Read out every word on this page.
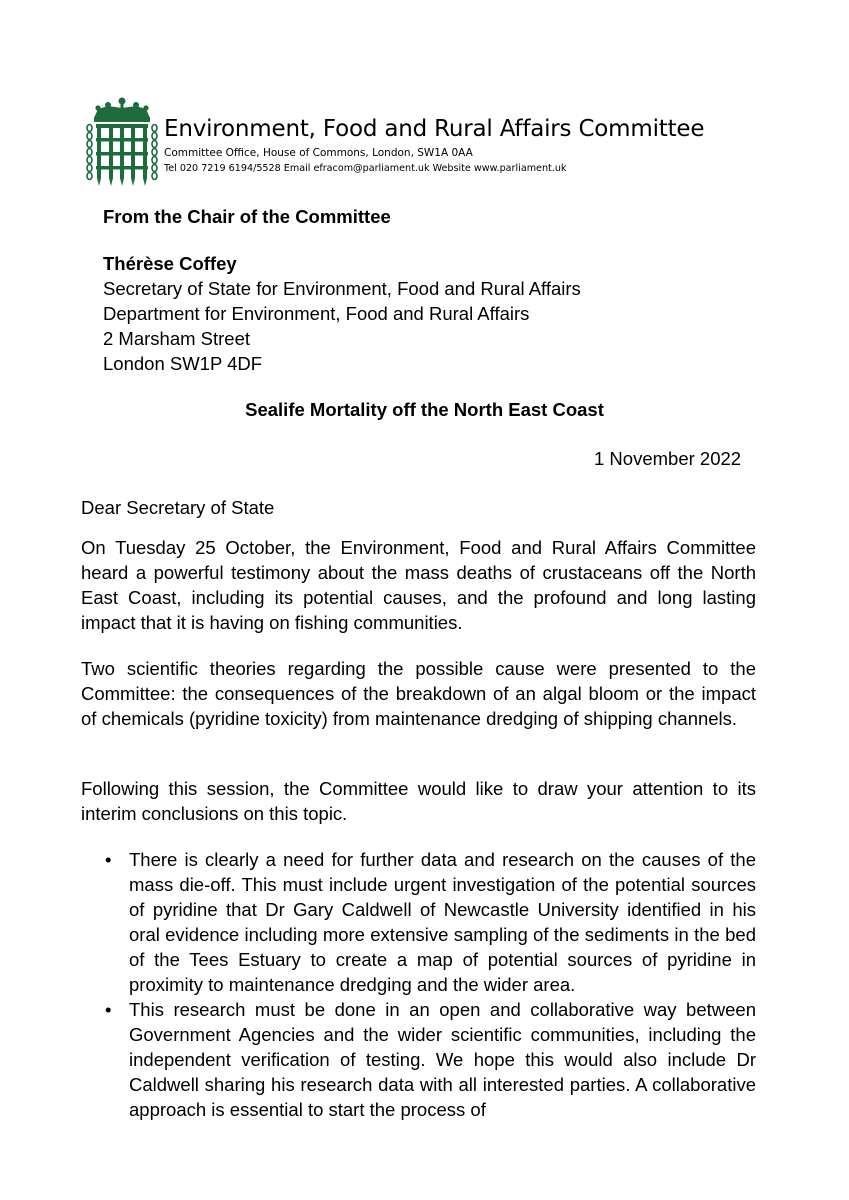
Environment, Food and Rural Affairs Committee
Committee Office, House of Commons, London, SW1A 0AA
Tel 020 7219 6194/5528 Email efracom@parliament.uk Website www.parliament.uk
From the Chair of the Committee
Thérèse Coffey
Secretary of State for Environment, Food and Rural Affairs
Department for Environment, Food and Rural Affairs
2 Marsham Street
London SW1P 4DF
Sealife Mortality off the North East Coast
1 November 2022
Dear Secretary of State

On Tuesday 25 October, the Environment, Food and Rural Affairs Committee heard a powerful testimony about the mass deaths of crustaceans off the North East Coast, including its potential causes, and the profound and long lasting impact that it is having on fishing communities.

Two scientific theories regarding the possible cause were presented to the Committee: the consequences of the breakdown of an algal bloom or the impact of chemicals (pyridine toxicity) from maintenance dredging of shipping channels.

Following this session, the Committee would like to draw your attention to its interim conclusions on this topic.

• There is clearly a need for further data and research on the causes of the mass die-off. This must include urgent investigation of the potential sources of pyridine that Dr Gary Caldwell of Newcastle University identified in his oral evidence including more extensive sampling of the sediments in the bed of the Tees Estuary to create a map of potential sources of pyridine in proximity to maintenance dredging and the wider area.
• This research must be done in an open and collaborative way between Government Agencies and the wider scientific communities, including the independent verification of testing. We hope this would also include Dr Caldwell sharing his research data with all interested parties. A collaborative approach is essential to start the process of
